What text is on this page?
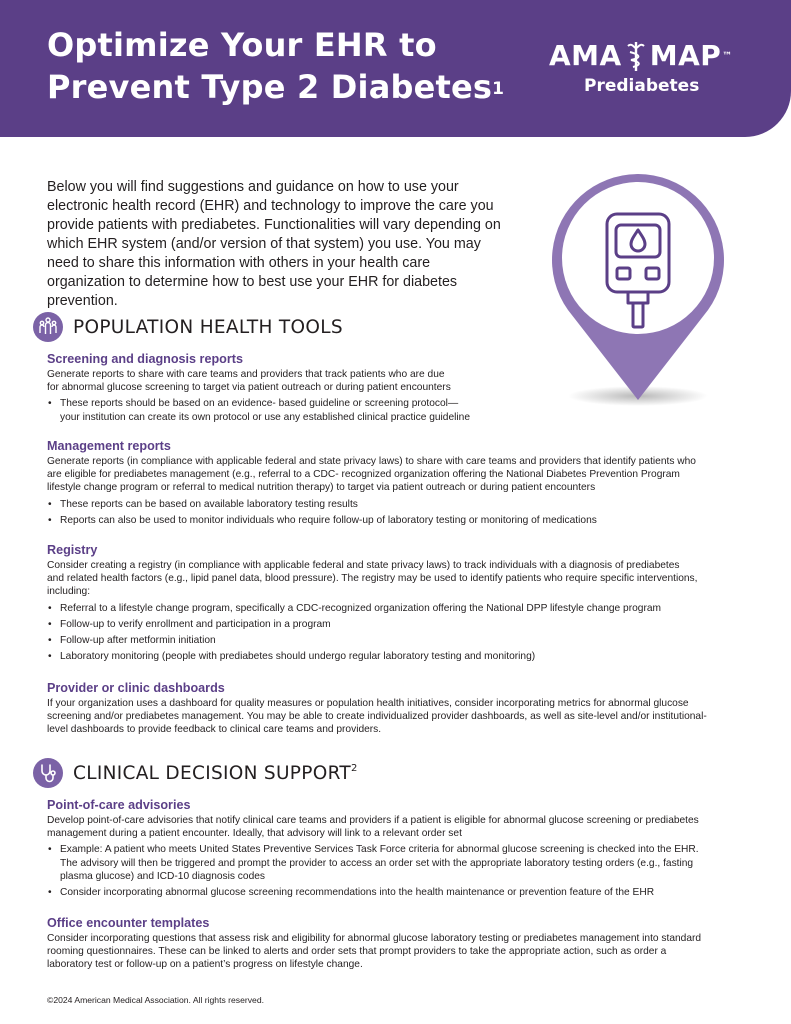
Optimize Your EHR to
Prevent Type 2 Diabetes$^1$
AMA MAP ™
Prediabetes

Below you will find suggestions and guidance on how to use your electronic health record (EHR) and technology to improve the care you provide patients with prediabetes. Functionalities will vary depending on which EHR system (and/or version of that system) you use. You may need to share this information with others in your health care organization to determine how to best use your EHR for diabetes prevention.

POPULATION HEALTH TOOLS
Screening and diagnosis reports

Generate reports to share with care teams and providers that track patients who are due
for abnormal glucose screening to target via patient outreach or during patient encounters

• These reports should be based on an evidence- based guideline or screening protocol—
your institution can create its own protocol or use any established clinical practice guideline
Management reports

Generate reports (in compliance with applicable federal and state privacy laws) to share with care teams and providers that identify patients who
are eligible for prediabetes management (e.g., referral to a CDC- recognized organization offering the National Diabetes Prevention Program
lifestyle change program or referral to medical nutrition therapy) to target via patient outreach or during patient encounters

• These reports can be based on available laboratory testing results
• Reports can also be used to monitor individuals who require follow-up of laboratory testing or monitoring of medications
Registry

Consider creating a registry (in compliance with applicable federal and state privacy laws) to track individuals with a diagnosis of prediabetes
and related health factors (e.g., lipid panel data, blood pressure). The registry may be used to identify patients who require specific interventions,
including:

• Referral to a lifestyle change program, specifically a CDC-recognized organization offering the National DPP lifestyle change program
• Follow-up to verify enrollment and participation in a program
• Follow-up after metformin initiation
• Laboratory monitoring (people with prediabetes should undergo regular laboratory testing and monitoring)
Provider or clinic dashboards

If your organization uses a dashboard for quality measures or population health initiatives, consider incorporating metrics for abnormal glucose
screening and/or prediabetes management. You may be able to create individualized provider dashboards, as well as site-level and/or institutional-
level dashboards to provide feedback to clinical care teams and providers.

CLINICAL DECISION SUPPORT$^2$
Point-of-care advisories

Develop point-of-care advisories that notify clinical care teams and providers if a patient is eligible for abnormal glucose screening or prediabetes
management during a patient encounter. Ideally, that advisory will link to a relevant order set

• Example: A patient who meets United States Preventive Services Task Force criteria for abnormal glucose screening is checked into the EHR.
The advisory will then be triggered and prompt the provider to access an order set with the appropriate laboratory testing orders (e.g., fasting
plasma glucose) and ICD-10 diagnosis codes
• Consider incorporating abnormal glucose screening recommendations into the health maintenance or prevention feature of the EHR
Office encounter templates

Consider incorporating questions that assess risk and eligibility for abnormal glucose laboratory testing or prediabetes management into standard
rooming questionnaires. These can be linked to alerts and order sets that prompt providers to take the appropriate action, such as order a
laboratory test or follow-up on a patient’s progress on lifestyle change.

©2024 American Medical Association. All rights reserved.
